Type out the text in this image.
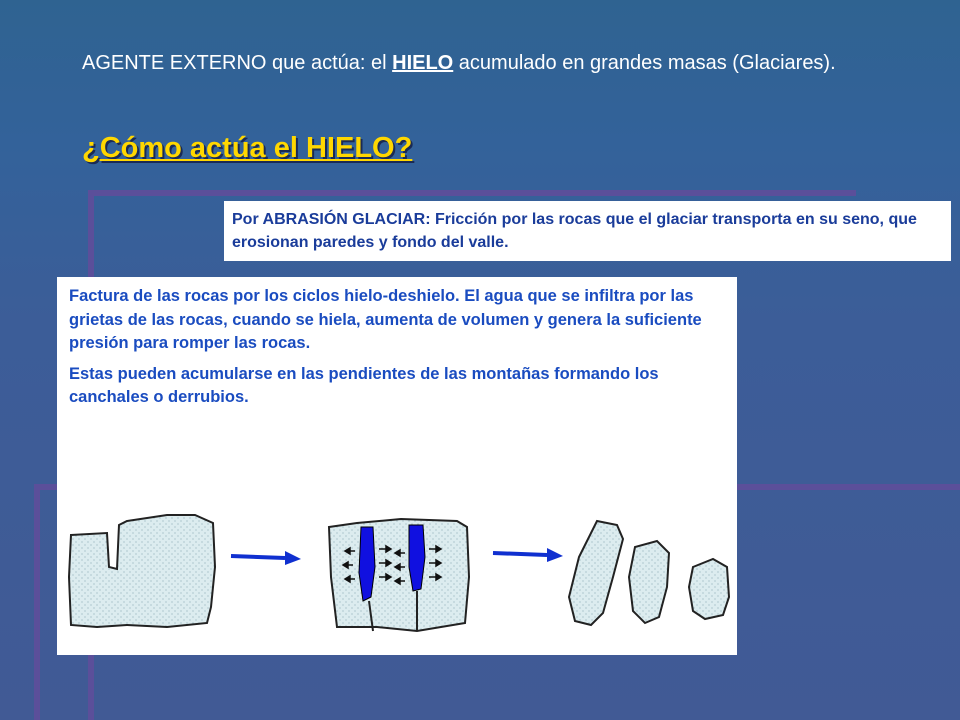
AGENTE EXTERNO que actúa: el HIELO acumulado en grandes masas (Glaciares).
¿Cómo actúa el HIELO?
Por ABRASIÓN GLACIAR: Fricción por las rocas que el glaciar transporta en su seno, que erosionan paredes y fondo del valle.

Factura de las rocas por los ciclos hielo-deshielo. El agua que se infiltra por las grietas de las rocas, cuando se hiela, aumenta de volumen y genera la suficiente presión para romper las rocas.

Estas pueden acumularse en las pendientes de las montañas formando los canchales o derrubios.
